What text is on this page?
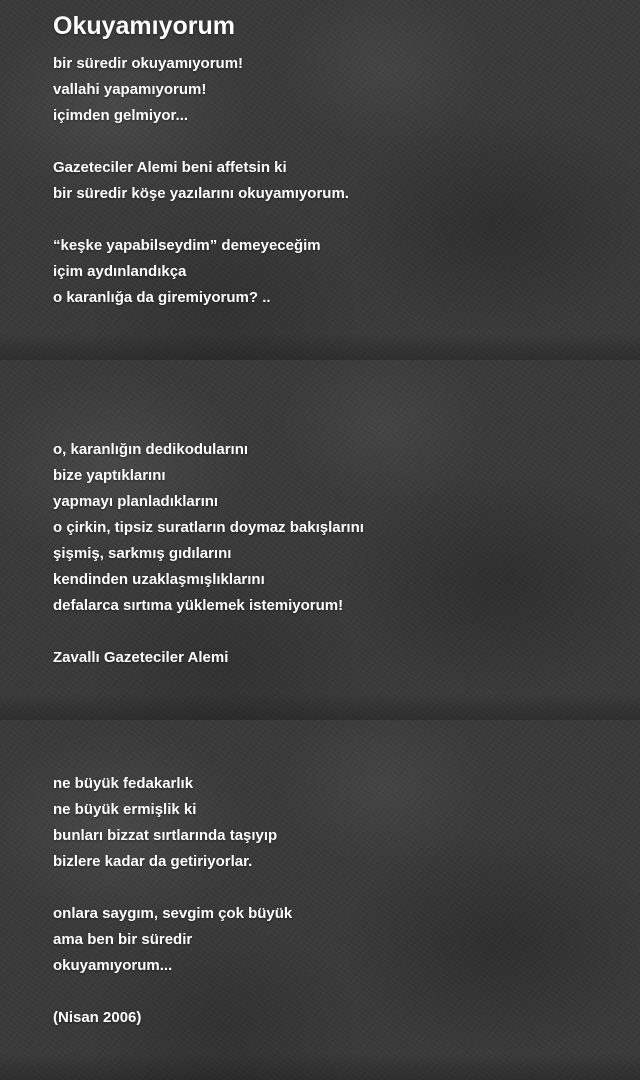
Okuyamıyorum

bir süredir okuyamıyorum!
vallahi yapamıyorum!
içimden gelmiyor...

Gazeteciler Alemi beni affetsin ki
bir süredir köşe yazılarını okuyamıyorum.

“keşke yapabilseydim” demeyeceğim
içim aydınlandıkça
o karanlığa da giremiyorum? ..

o, karanlığın dedikodularını
bize yaptıklarını
yapmayı planladıklarını
o çirkin, tipsiz suratların doymaz bakışlarını
şişmiş, sarkmış gıdılarını
kendinden uzaklaşmışlıklarını
defalarca sırtıma yüklemek istemiyorum!

Zavallı Gazeteciler Alemi

ne büyük fedakarlık
ne büyük ermişlik ki
bunları bizzat sırtlarında taşıyıp
bizlere kadar da getiriyorlar.

onlara saygım, sevgim çok büyük
ama ben bir süredir
okuyamıyorum...

(Nisan 2006)
